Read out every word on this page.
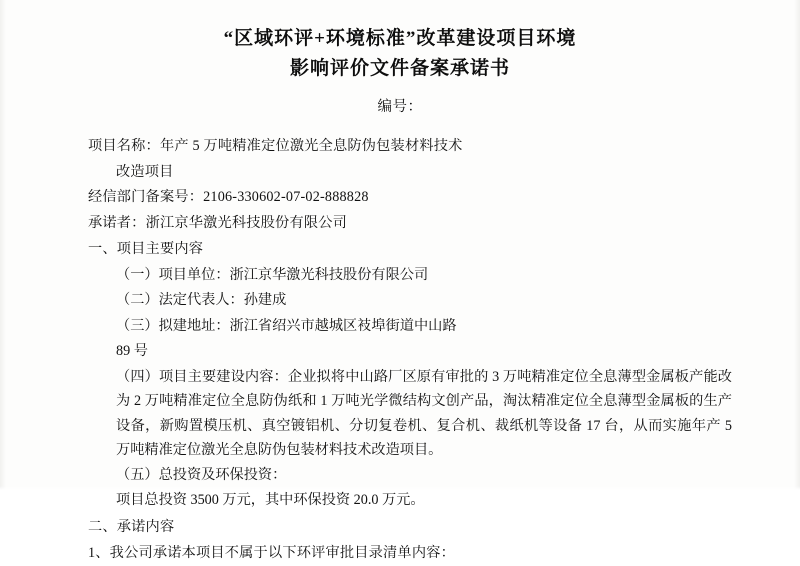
“区域环评+环境标准”改革建设项目环境
影响评价文件备案承诺书
编号：
项目名称：年产 5 万吨精准定位激光全息防伪包装材料技术
改造项目
经信部门备案号：2106-330602-07-02-888828
承诺者：浙江京华激光科技股份有限公司
一、项目主要内容
（一）项目单位：浙江京华激光科技股份有限公司
（二）法定代表人：孙建成
（三）拟建地址：浙江省绍兴市越城区衼埠街道中山路
89 号
（四）项目主要建设内容：企业拟将中山路厂区原有审批的 3 万吨精准定位全息薄型金属板产能改为 2 万吨精准定位全息防伪纸和 1 万吨光学微结构文创产品，淘汰精准定位全息薄型金属板的生产设备，新购置模压机、真空镀铝机、分切复卷机、复合机、裁纸机等设备 17 台，从而实施年产 5 万吨精准定位激光全息防伪包装材料技术改造项目。
（五）总投资及环保投资：
项目总投资 3500 万元，其中环保投资 20.0 万元。
二、承诺内容
1、我公司承诺本项目不属于以下环评审批目录清单内容：
